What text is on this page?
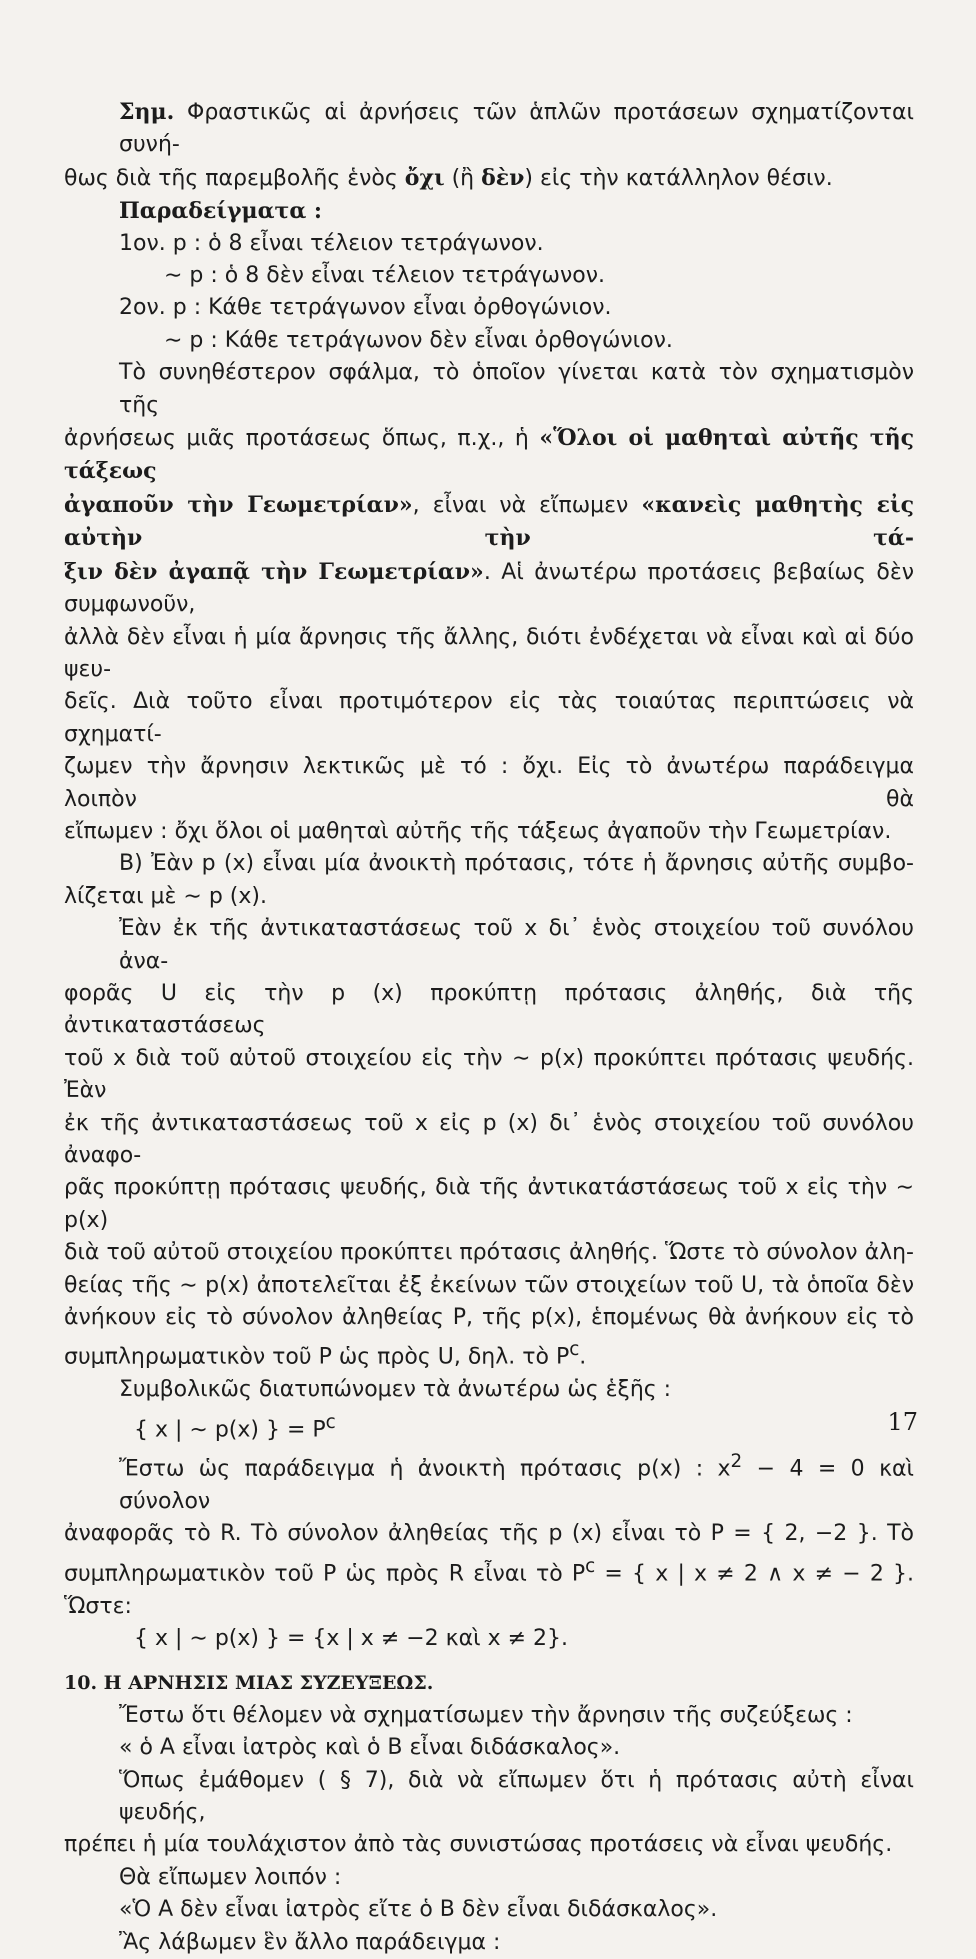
Σημ. Φραστικῶς αἱ ἀρνήσεις τῶν ἁπλῶν προτάσεων σχηματίζονται συνή-
θως διὰ τῆς παρεμβολῆς ἑνὸς ὄχι (ἢ δὲν) εἰς τὴν κατάλληλον θέσιν.
Παραδείγματα :
1ον. p : ὁ 8 εἶναι τέλειον τετράγωνον.
∼ p : ὁ 8 δὲν εἶναι τέλειον τετράγωνον.
2ον. p : Κάθε τετράγωνον εἶναι ὀρθογώνιον.
∼ p : Κάθε τετράγωνον δὲν εἶναι ὀρθογώνιον.
Τὸ συνηθέστερον σφάλμα, τὸ ὁποῖον γίνεται κατὰ τὸν σχηματισμὸν τῆς
ἀρνήσεως μιᾶς προτάσεως ὅπως, π.χ., ἡ «Ὅλοι οἱ μαθηταὶ αὐτῆς τῆς τάξεως
ἀγαποῦν τὴν Γεωμετρίαν», εἶναι νὰ εἴπωμεν «κανεὶς μαθητὴς εἰς αὐτὴν τὴν τά-
ξιν δὲν ἀγαπᾷ τὴν Γεωμετρίαν». Αἱ ἀνωτέρω προτάσεις βεβαίως δὲν συμφωνοῦν,
ἀλλὰ δὲν εἶναι ἡ μία ἄρνησις τῆς ἄλλης, διότι ἐνδέχεται νὰ εἶναι καὶ αἱ δύο ψευ-
δεῖς. Διὰ τοῦτο εἶναι προτιμότερον εἰς τὰς τοιαύτας περιπτώσεις νὰ σχηματί-
ζωμεν τὴν ἄρνησιν λεκτικῶς μὲ τό : ὄχι. Εἰς τὸ ἀνωτέρω παράδειγμα λοιπὸν θὰ
εἴπωμεν : ὄχι ὅλοι οἱ μαθηταὶ αὐτῆς τῆς τάξεως ἀγαποῦν τὴν Γεωμετρίαν.
Β) Ἐὰν p (x) εἶναι μία ἀνοικτὴ πρότασις, τότε ἡ ἄρνησις αὐτῆς συμβο-
λίζεται μὲ ∼ p (x).
Ἐὰν ἐκ τῆς ἀντικαταστάσεως τοῦ x δι᾽ ἑνὸς στοιχείου τοῦ συνόλου ἀνα-
φορᾶς U εἰς τὴν p (x) προκύπτῃ πρότασις ἀληθής, διὰ τῆς ἀντικαταστάσεως
τοῦ x διὰ τοῦ αὐτοῦ στοιχείου εἰς τὴν ∼ p(x) προκύπτει πρότασις ψευδής. Ἐὰν
ἐκ τῆς ἀντικαταστάσεως τοῦ x εἰς p (x) δι᾽ ἑνὸς στοιχείου τοῦ συνόλου ἀναφο-
ρᾶς προκύπτῃ πρότασις ψευδής, διὰ τῆς ἀντικατάστάσεως τοῦ x εἰς τὴν ∼ p(x)
διὰ τοῦ αὐτοῦ στοιχείου προκύπτει πρότασις ἀληθής. Ὥστε τὸ σύνολον ἀλη-
θείας τῆς ∼ p(x) ἀποτελεῖται ἐξ ἐκείνων τῶν στοιχείων τοῦ U, τὰ ὁποῖα δὲν
ἀνήκουν εἰς τὸ σύνολον ἀληθείας P, τῆς p(x), ἑπομένως θὰ ἀνήκουν εἰς τὸ
συμπληρωματικὸν τοῦ P ὡς πρὸς U, δηλ. τὸ $P^c$.
Συμβολικῶς διατυπώνομεν τὰ ἀνωτέρω ὡς ἑξῆς :
{ x | ∼ p(x) } = $P^c$
Ἔστω ὡς παράδειγμα ἡ ἀνοικτὴ πρότασις p(x) : $x^2 - 4 = 0$ καὶ σύνολον
ἀναφορᾶς τὸ R. Τὸ σύνολον ἀληθείας τῆς p (x) εἶναι τὸ P = { 2, −2 }. Τὸ
συμπληρωματικὸν τοῦ P ὡς πρὸς R εἶναι τὸ $P^c$ = { x | x ≠ 2 ∧ x ≠ − 2 }. Ὥστε:
{ x | ∼ p(x) } = {x | x ≠ −2 καὶ x ≠ 2}.
10. Η ΑΡΝΗΣΙΣ ΜΙΑΣ ΣΥΖΕΥΞΕΩΣ.
Ἔστω ὅτι θέλομεν νὰ σχηματίσωμεν τὴν ἄρνησιν τῆς συζεύξεως :
« ὁ Α εἶναι ἰατρὸς καὶ ὁ Β εἶναι διδάσκαλος».
Ὅπως ἐμάθομεν ( § 7), διὰ νὰ εἴπωμεν ὅτι ἡ πρότασις αὐτὴ εἶναι ψευδής,
πρέπει ἡ μία τουλάχιστον ἀπὸ τὰς συνιστώσας προτάσεις νὰ εἶναι ψευδής.
Θὰ εἴπωμεν λοιπόν :
«Ὁ Α δὲν εἶναι ἰατρὸς εἴτε ὁ Β δὲν εἶναι διδάσκαλος».
Ἂς λάβωμεν ἓν ἄλλο παράδειγμα :
17
